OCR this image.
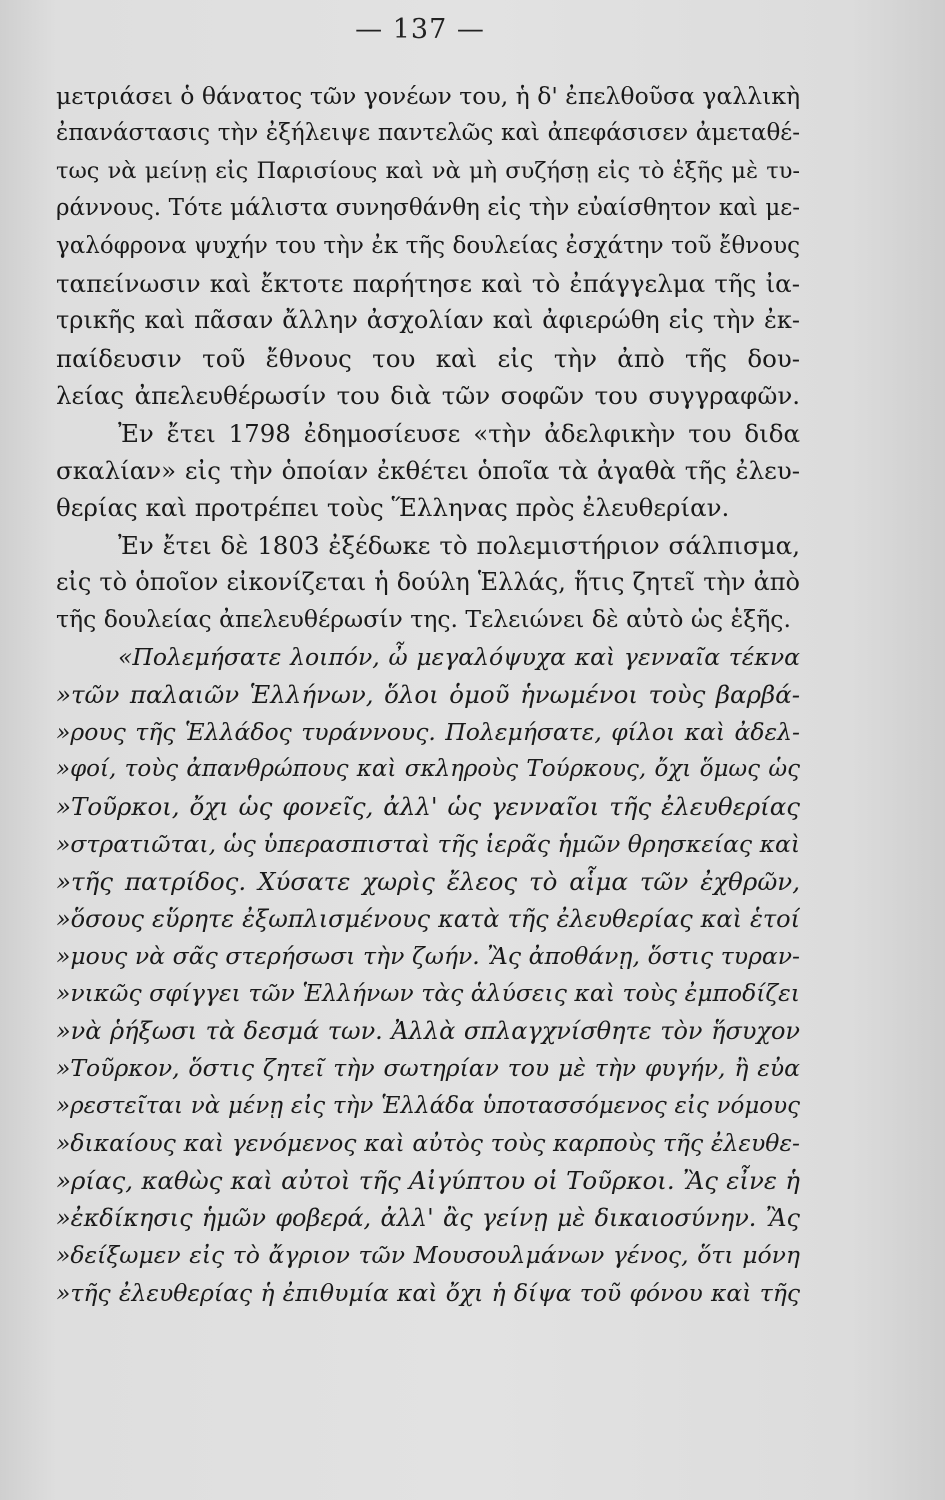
— 137 —
μετριάσει ὁ θάνατος τῶν γονέων του, ἡ δ' ἐπελθοῦσα γαλλικὴ
ἐπανάστασις τὴν ἐξήλειψε παντελῶς καὶ ἀπεφάσισεν ἀμεταθέ-
τως νὰ μείνῃ εἰς Παρισίους καὶ νὰ μὴ συζήσῃ εἰς τὸ ἑξῆς μὲ τυ-
ράννους. Τότε μάλιστα συνησθάνθη εἰς τὴν εὐαίσθητον καὶ με-
γαλόφρονα ψυχήν του τὴν ἐκ τῆς δουλείας ἐσχάτην τοῦ ἔθνους
ταπείνωσιν καὶ ἔκτοτε παρήτησε καὶ τὸ ἐπάγγελμα τῆς ἰα-
τρικῆς καὶ πᾶσαν ἄλλην ἀσχολίαν καὶ ἀφιερώθη εἰς τὴν ἐκ-
παίδευσιν τοῦ ἔθνους του καὶ εἰς τὴν ἀπὸ τῆς δου-
λείας ἀπελευθέρωσίν του διὰ τῶν σοφῶν του συγγραφῶν.
Ἐν ἔτει 1798 ἐδημοσίευσε «τὴν ἀδελφικὴν του διδα
σκαλίαν» εἰς τὴν ὁποίαν ἐκθέτει ὁποῖα τὰ ἀγαθὰ τῆς ἐλευ-
θερίας καὶ προτρέπει τοὺς Ἕλληνας πρὸς ἐλευθερίαν.
Ἐν ἔτει δὲ 1803 ἐξέδωκε τὸ πολεμιστήριον σάλπισμα,
εἰς τὸ ὁποῖον εἰκονίζεται ἡ δούλη Ἑλλάς, ἥτις ζητεῖ τὴν ἀπὸ
τῆς δουλείας ἀπελευθέρωσίν της. Τελειώνει δὲ αὐτὸ ὡς ἑξῆς.
«Πολεμήσατε λοιπόν, ὦ μεγαλόψυχα καὶ γενναῖα τέκνα
»τῶν παλαιῶν Ἑλλήνων, ὅλοι ὁμοῦ ἡνωμένοι τοὺς βαρβά-
»ρους τῆς Ἑλλάδος τυράννους. Πολεμήσατε, φίλοι καὶ ἀδελ-
»φοί, τοὺς ἀπανθρώπους καὶ σκληροὺς Τούρκους, ὄχι ὅμως ὡς
»Τοῦρκοι, ὄχι ὡς φονεῖς, ἀλλ' ὡς γενναῖοι τῆς ἐλευθερίας
»στρατιῶται, ὡς ὑπερασπισταὶ τῆς ἱερᾶς ἡμῶν θρησκείας καὶ
»τῆς πατρίδος. Χύσατε χωρὶς ἔλεος τὸ αἷμα τῶν ἐχθρῶν,
»ὅσους εὕρητε ἐξωπλισμένους κατὰ τῆς ἐλευθερίας καὶ ἑτοί
»μους νὰ σᾶς στερήσωσι τὴν ζωήν. Ἂς ἀποθάνῃ, ὅστις τυραν-
»νικῶς σφίγγει τῶν Ἑλλήνων τὰς ἁλύσεις καὶ τοὺς ἐμποδίζει
»νὰ ῥήξωσι τὰ δεσμά των. Ἀλλὰ σπλαγχνίσθητε τὸν ἥσυχον
»Τοῦρκον, ὅστις ζητεῖ τὴν σωτηρίαν του μὲ τὴν φυγήν, ἢ εὐα
»ρεστεῖται νὰ μένῃ εἰς τὴν Ἑλλάδα ὑποτασσόμενος εἰς νόμους
»δικαίους καὶ γενόμενος καὶ αὐτὸς τοὺς καρποὺς τῆς ἐλευθε-
»ρίας, καθὼς καὶ αὐτοὶ τῆς Αἰγύπτου οἱ Τοῦρκοι. Ἂς εἶνε ἡ
»ἐκδίκησις ἡμῶν φοβερά, ἀλλ' ἂς γείνῃ μὲ δικαιοσύνην. Ἂς
»δείξωμεν εἰς τὸ ἄγριον τῶν Μουσουλμάνων γένος, ὅτι μόνη
»τῆς ἐλευθερίας ἡ ἐπιθυμία καὶ ὄχι ἡ δίψα τοῦ φόνου καὶ τῆς
